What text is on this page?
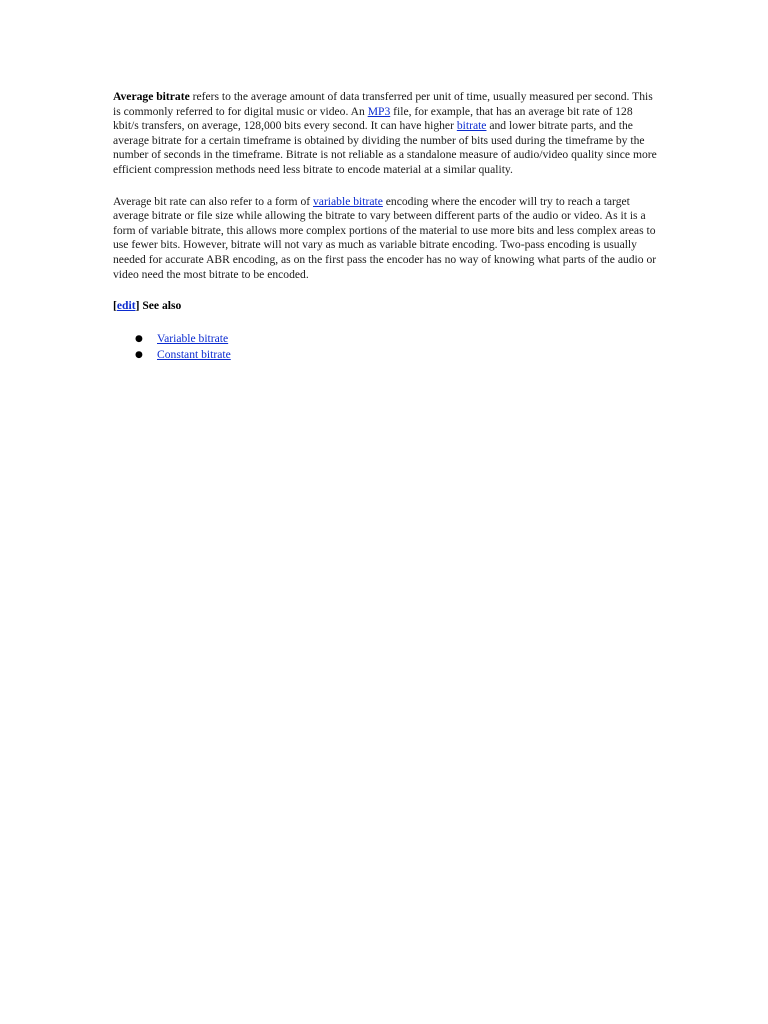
Average bitrate refers to the average amount of data transferred per unit of time, usually measured per second. This is commonly referred to for digital music or video. An MP3 file, for example, that has an average bit rate of 128 kbit/s transfers, on average, 128,000 bits every second. It can have higher bitrate and lower bitrate parts, and the average bitrate for a certain timeframe is obtained by dividing the number of bits used during the timeframe by the number of seconds in the timeframe. Bitrate is not reliable as a standalone measure of audio/video quality since more efficient compression methods need less bitrate to encode material at a similar quality.

Average bit rate can also refer to a form of variable bitrate encoding where the encoder will try to reach a target average bitrate or file size while allowing the bitrate to vary between different parts of the audio or video. As it is a form of variable bitrate, this allows more complex portions of the material to use more bits and less complex areas to use fewer bits. However, bitrate will not vary as much as variable bitrate encoding. Two-pass encoding is usually needed for accurate ABR encoding, as on the first pass the encoder has no way of knowing what parts of the audio or video need the most bitrate to be encoded.

[edit] See also
● Variable bitrate
● Constant bitrate
